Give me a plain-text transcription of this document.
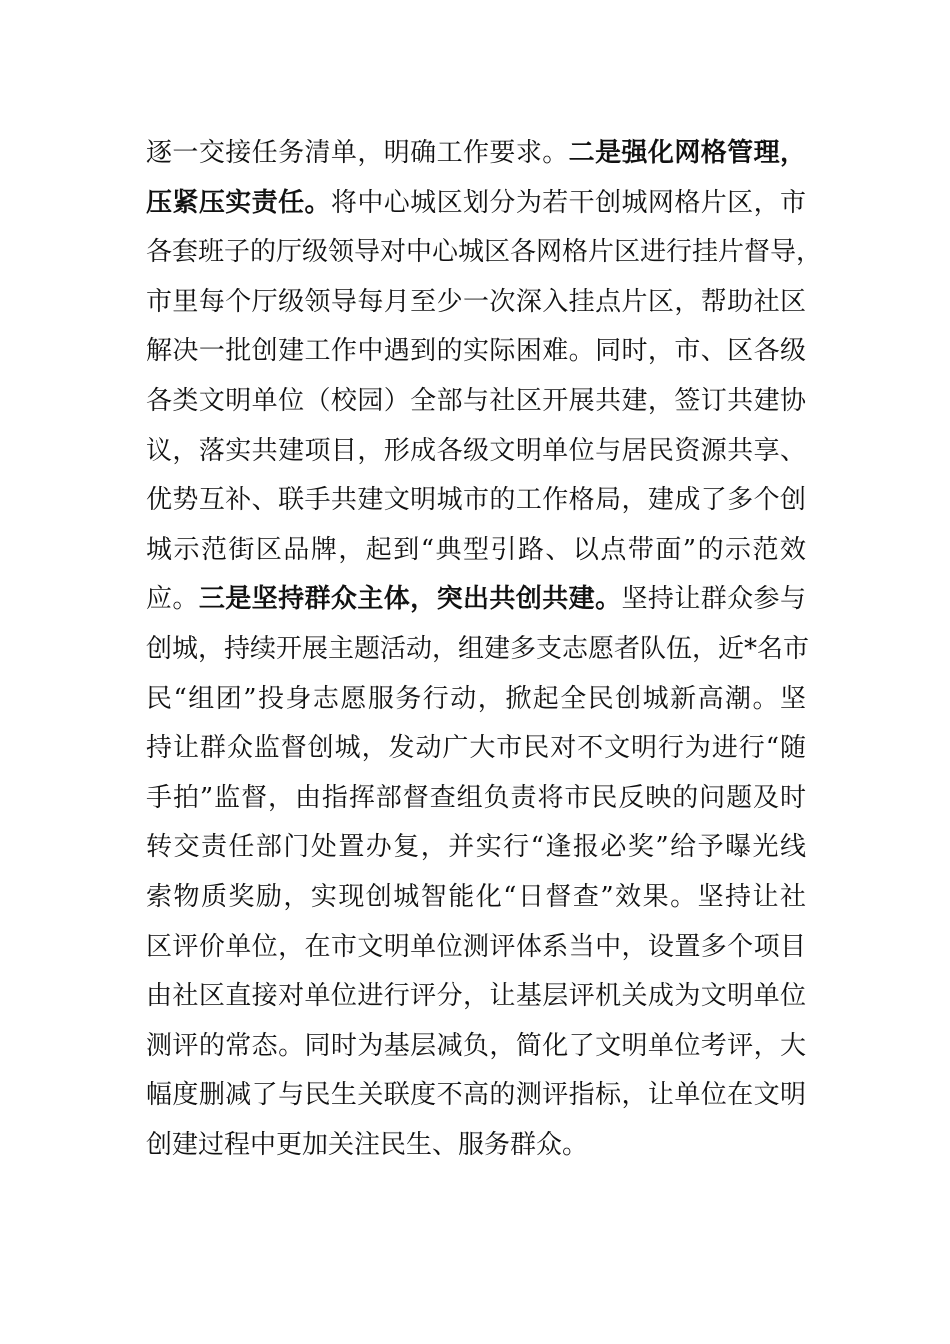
逐一交接任务清单，明确工作要求。二是强化网格管理，
压紧压实责任。将中心城区划分为若干创城网格片区，市
各套班子的厅级领导对中心城区各网格片区进行挂片督导，
市里每个厅级领导每月至少一次深入挂点片区，帮助社区
解决一批创建工作中遇到的实际困难。同时，市、区各级
各类文明单位（校园）全部与社区开展共建，签订共建协
议，落实共建项目，形成各级文明单位与居民资源共享、
优势互补、联手共建文明城市的工作格局，建成了多个创
城示范街区品牌，起到“典型引路、以点带面”的示范效
应。三是坚持群众主体，突出共创共建。坚持让群众参与
创城，持续开展主题活动，组建多支志愿者队伍，近*名市
民“组团”投身志愿服务行动，掀起全民创城新高潮。坚
持让群众监督创城，发动广大市民对不文明行为进行“随
手拍”监督，由指挥部督查组负责将市民反映的问题及时
转交责任部门处置办复，并实行“逢报必奖”给予曝光线
索物质奖励，实现创城智能化“日督查”效果。坚持让社
区评价单位，在市文明单位测评体系当中，设置多个项目
由社区直接对单位进行评分，让基层评机关成为文明单位
测评的常态。同时为基层减负，简化了文明单位考评，大
幅度删减了与民生关联度不高的测评指标，让单位在文明
创建过程中更加关注民生、服务群众。
